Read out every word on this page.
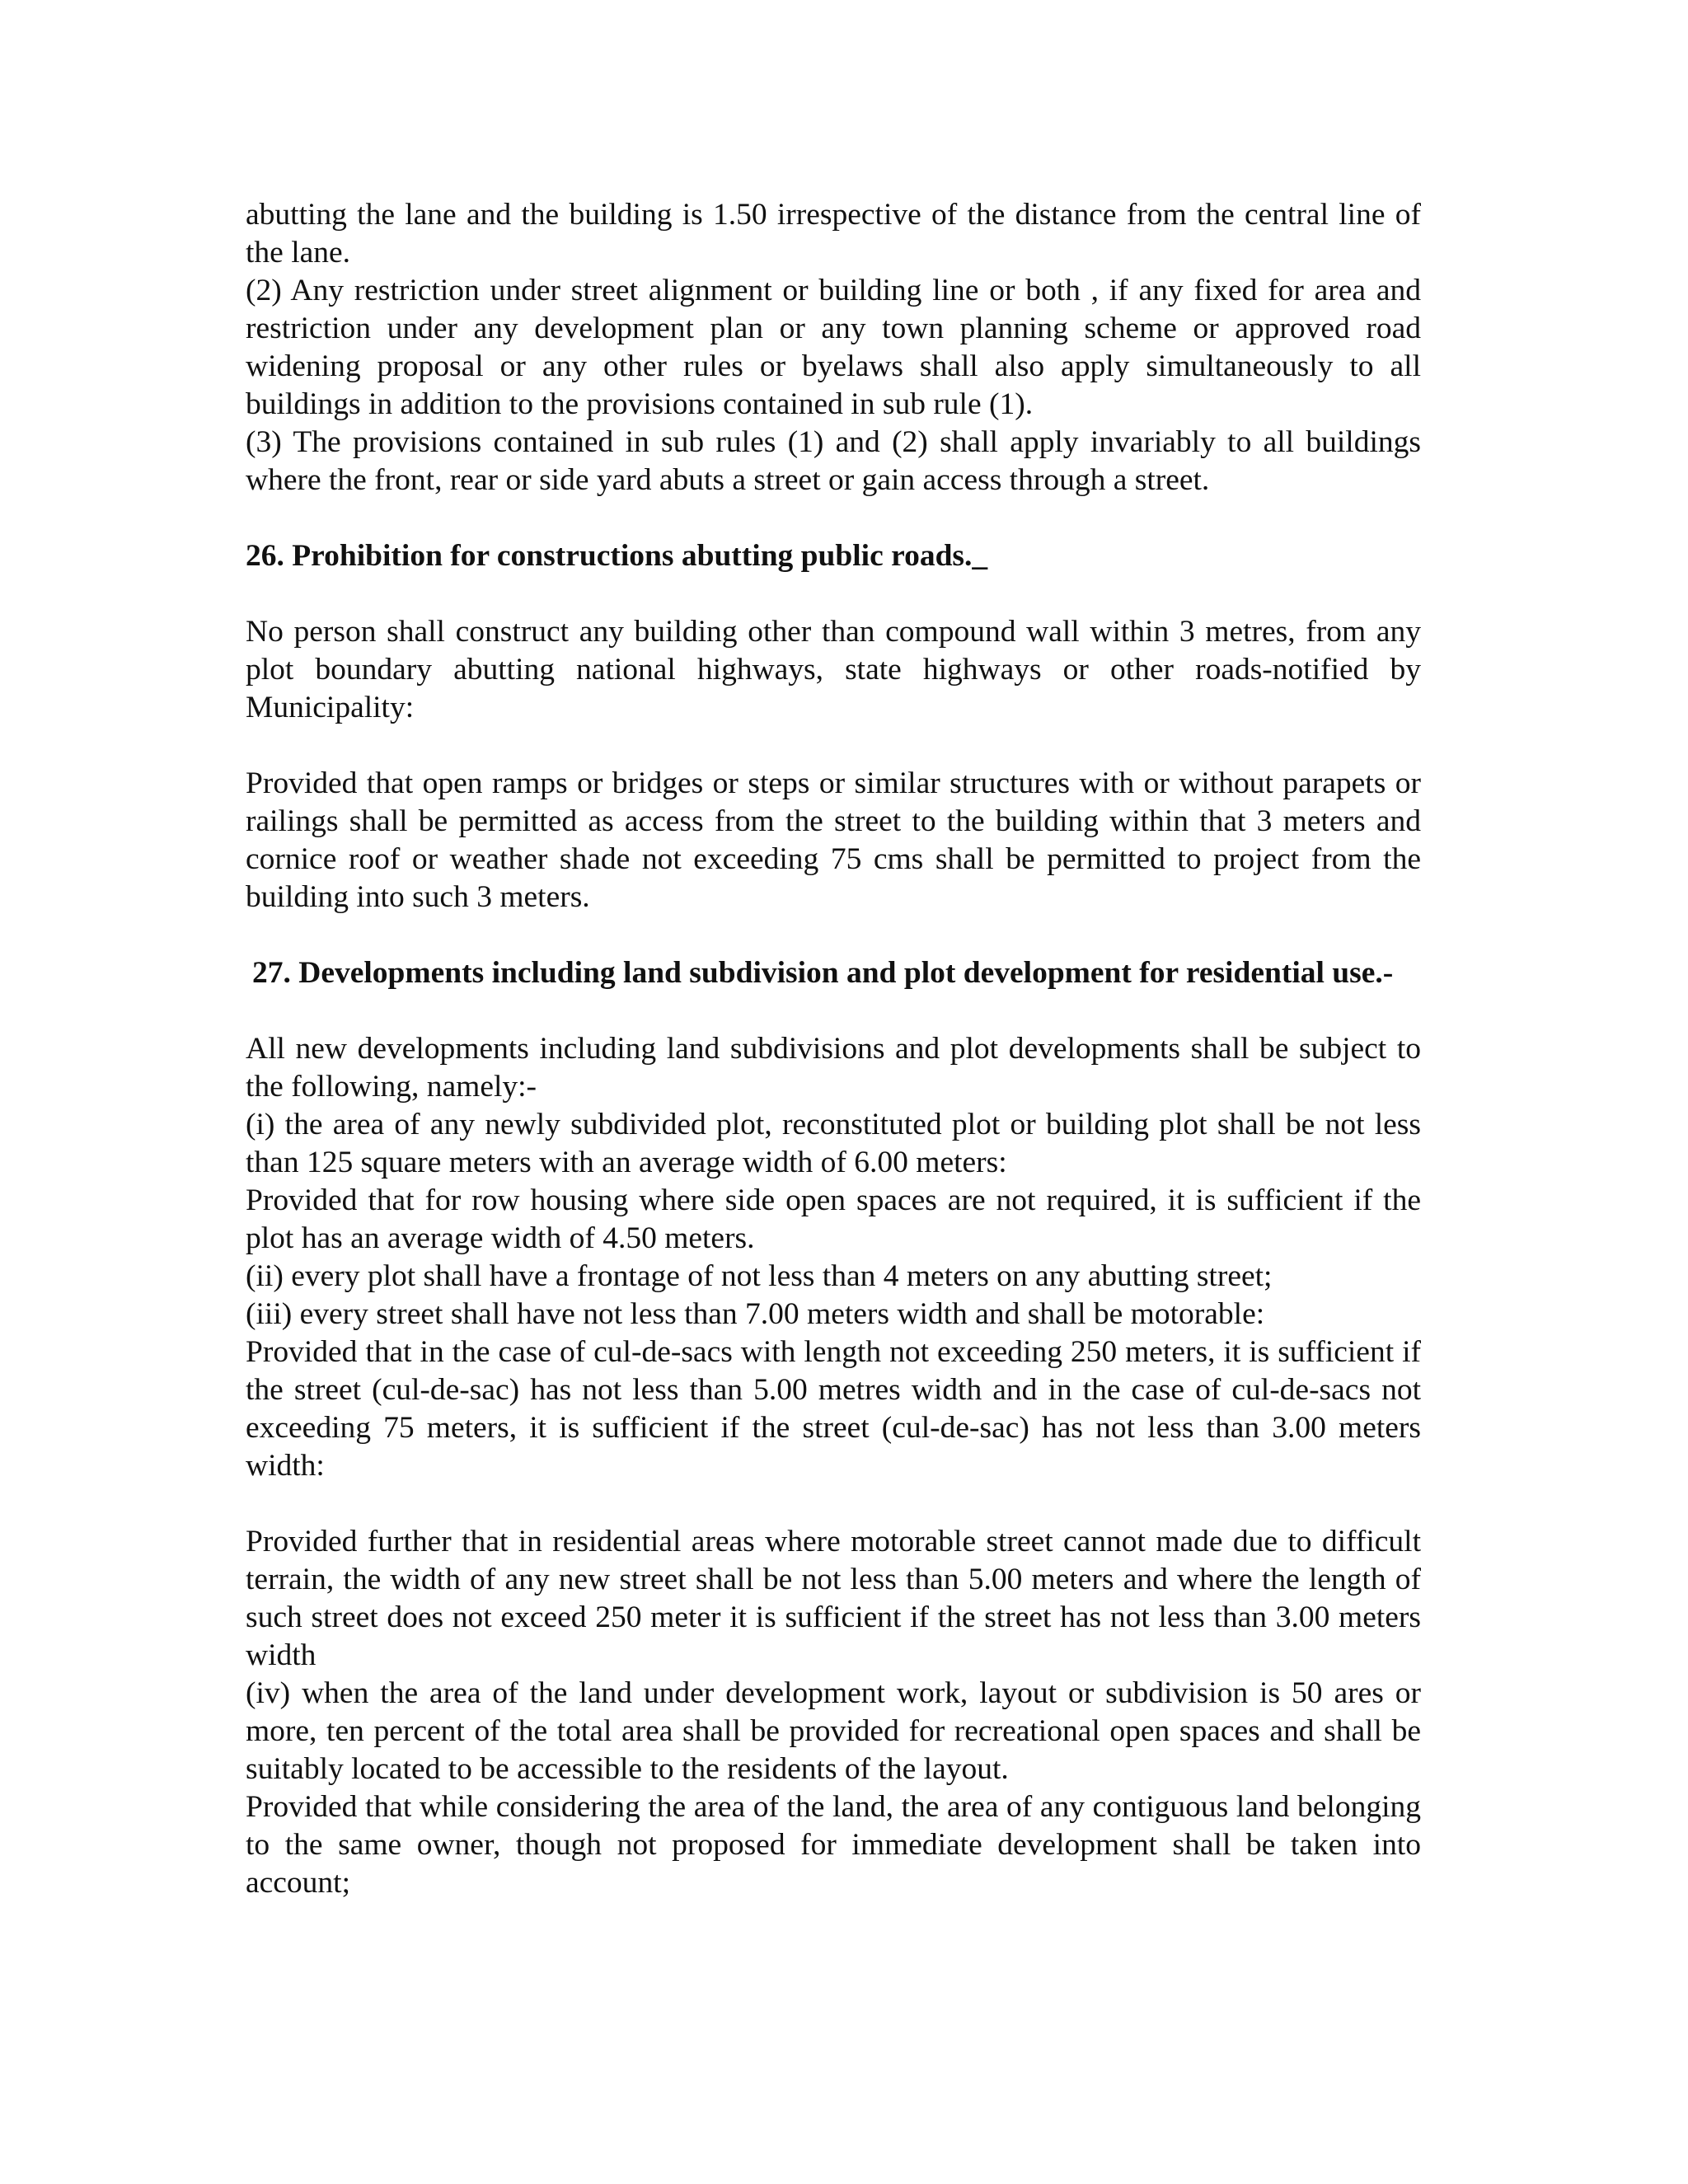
abutting the lane and the building is 1.50 irrespective of the distance from the central line of the lane.

(2) Any restriction under street alignment or building line or both , if any fixed for area and restriction under any development plan or any town planning scheme or approved road widening proposal or any other rules or byelaws shall also apply simultaneously to all buildings in addition to the provisions contained in sub rule (1).

(3) The provisions contained in sub rules (1) and (2) shall apply invariably to all buildings where the front, rear or side yard abuts a street or gain access through a street.

26. Prohibition for constructions abutting public roads._

No person shall construct any building other than compound wall within 3 metres, from any plot boundary abutting national highways, state highways or other roads-notified by Municipality:

Provided that open ramps or bridges or steps or similar structures with or without parapets or railings shall be permitted as access from the street to the building within that 3 meters and cornice roof or weather shade not exceeding 75 cms shall be permitted to project from the building into such 3 meters.

27. Developments including land subdivision and plot development for residential use.-

All new developments including land subdivisions and plot developments shall be subject to the following, namely:-

(i) the area of any newly subdivided plot, reconstituted plot or building plot shall be not less than 125 square meters with an average width of 6.00 meters:

Provided that for row housing where side open spaces are not required, it is sufficient if the plot has an average width of 4.50 meters.

(ii) every plot shall have a frontage of not less than 4 meters on any abutting street;

(iii) every street shall have not less than 7.00 meters width and shall be motorable:

Provided that in the case of cul-de-sacs with length not exceeding 250 meters, it is sufficient if the street (cul-de-sac) has not less than 5.00 metres width and in the case of cul-de-sacs not exceeding 75 meters, it is sufficient if the street (cul-de-sac) has not less than 3.00 meters width:

Provided further that in residential areas where motorable street cannot made due to difficult terrain, the width of any new street shall be not less than 5.00 meters and where the length of such street does not exceed 250 meter it is sufficient if the street has not less than 3.00 meters width

(iv) when the area of the land under development work, layout or subdivision is 50 ares or more, ten percent of the total area shall be provided for recreational open spaces and shall be suitably located to be accessible to the residents of the layout.

Provided that while considering the area of the land, the area of any contiguous land belonging to the same owner, though not proposed for immediate development shall be taken into account;
